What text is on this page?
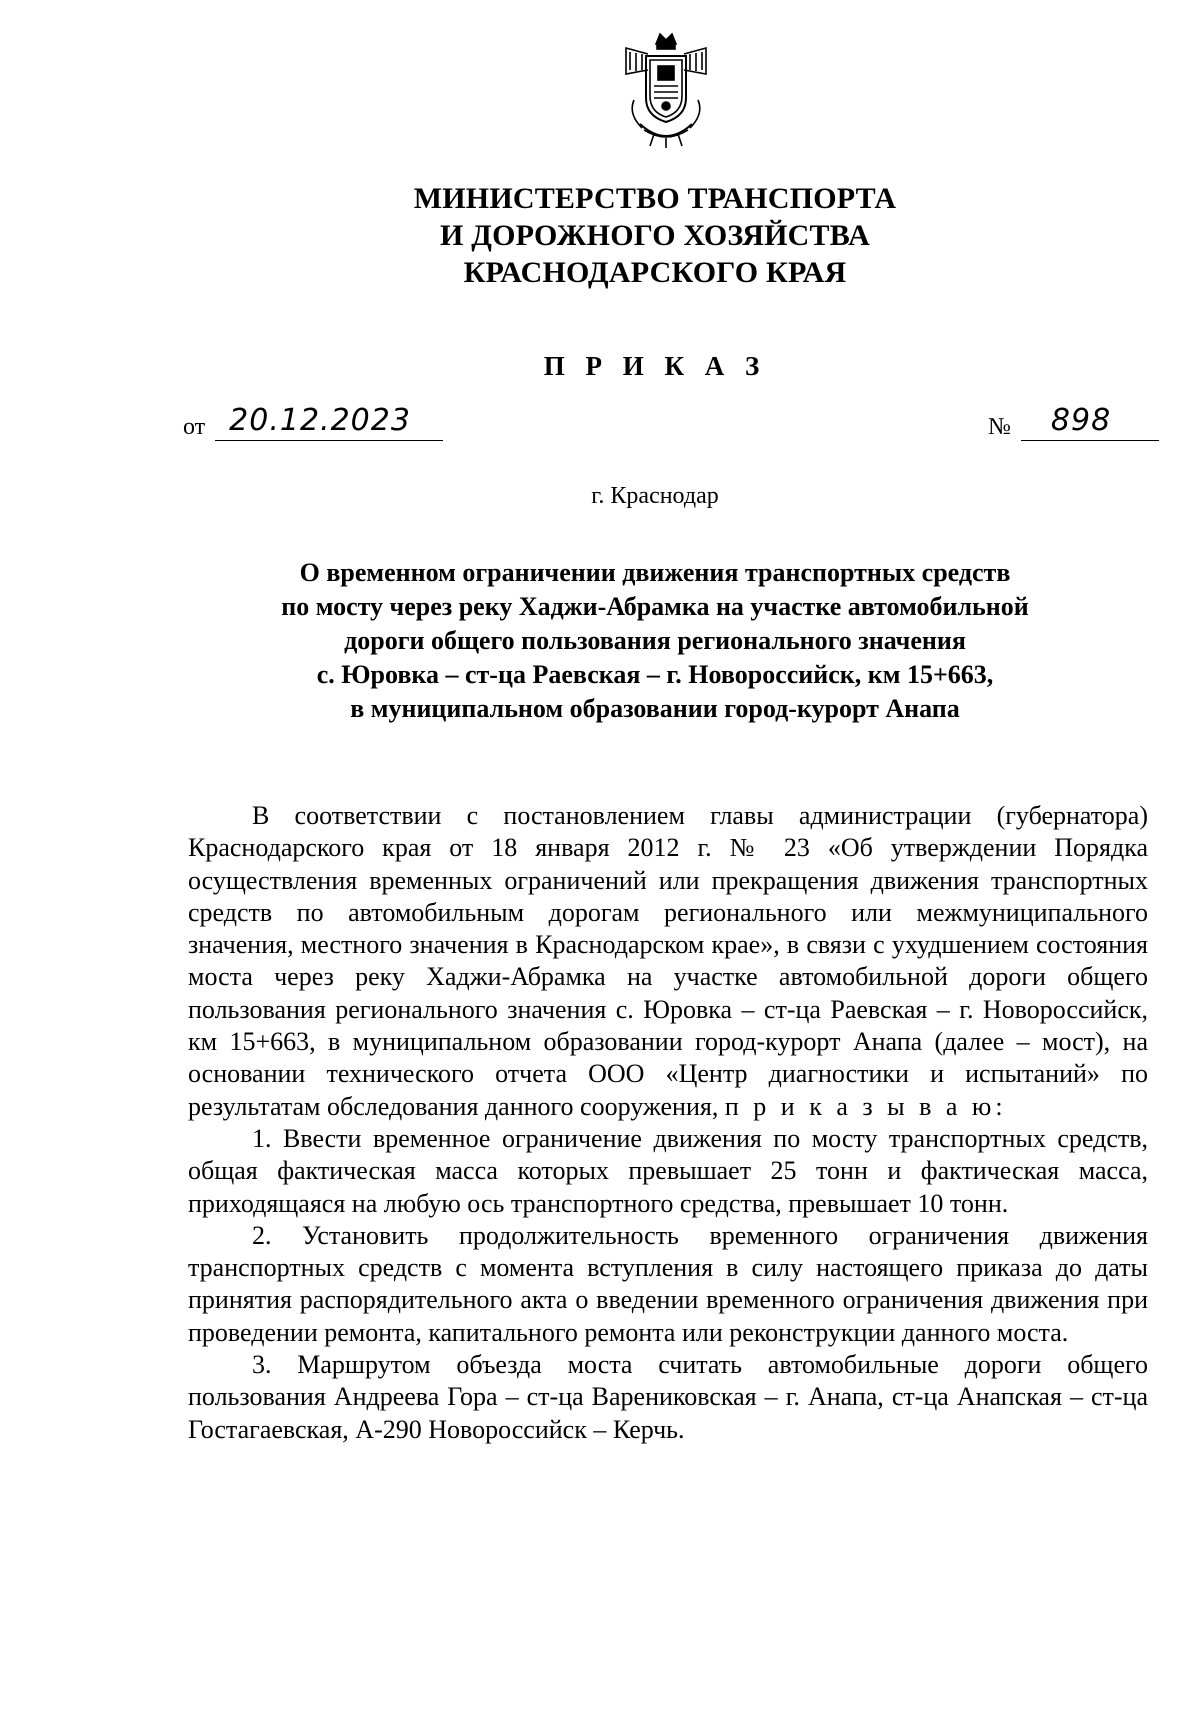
МИНИСТЕРСТВО ТРАНСПОРТА
И ДОРОЖНОГО ХОЗЯЙСТВА
КРАСНОДАРСКОГО КРАЯ
П Р И К А З
от 20.12.2023	№ 898
г. Краснодар
О временном ограничении движения транспортных средств
по мосту через реку Хаджи-Абрамка на участке автомобильной
дороги общего пользования регионального значения
с. Юровка – ст-ца Раевская – г. Новороссийск, км 15+663,
в муниципальном образовании город-курорт Анапа

В соответствии с постановлением главы администрации (губернатора) Краснодарского края от 18 января 2012 г. № 23 «Об утверждении Порядка осуществления временных ограничений или прекращения движения транспортных средств по автомобильным дорогам регионального или межмуниципального значения, местного значения в Краснодарском крае», в связи с ухудшением состояния моста через реку Хаджи-Абрамка на участке автомобильной дороги общего пользования регионального значения с. Юровка – ст-ца Раевская – г. Новороссийск, км 15+663, в муниципальном образовании город-курорт Анапа (далее – мост), на основании технического отчета ООО «Центр диагностики и испытаний» по результатам обследования данного сооружения, п р и к а з ы в а ю:

1. Ввести временное ограничение движения по мосту транспортных средств, общая фактическая масса которых превышает 25 тонн и фактическая масса, приходящаяся на любую ось транспортного средства, превышает 10 тонн.

2. Установить продолжительность временного ограничения движения транспортных средств с момента вступления в силу настоящего приказа до даты принятия распорядительного акта о введении временного ограничения движения при проведении ремонта, капитального ремонта или реконструкции данного моста.

3. Маршрутом объезда моста считать автомобильные дороги общего пользования Андреева Гора – ст-ца Варениковская – г. Анапа, ст-ца Анапская – ст-ца Гостагаевская, А-290 Новороссийск – Керчь.
